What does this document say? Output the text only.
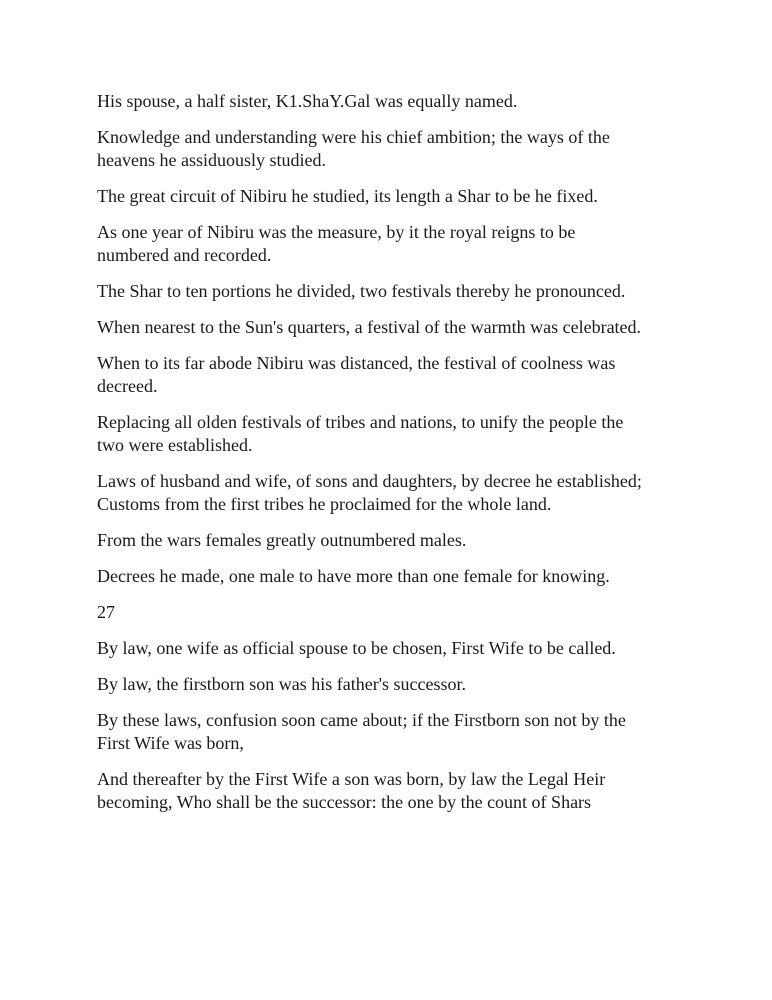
His spouse, a half sister, K1.ShaY.Gal was equally named.

Knowledge and understanding were his chief ambition; the ways of the
heavens he assiduously studied.

The great circuit of Nibiru he studied, its length a Shar to be he fixed.

As one year of Nibiru was the measure, by it the royal reigns to be
numbered and recorded.

The Shar to ten portions he divided, two festivals thereby he pronounced.

When nearest to the Sun's quarters, a festival of the warmth was celebrated.

When to its far abode Nibiru was distanced, the festival of coolness was
decreed.

Replacing all olden festivals of tribes and nations, to unify the people the
two were established.

Laws of husband and wife, of sons and daughters, by decree he established;
Customs from the first tribes he proclaimed for the whole land.

From the wars females greatly outnumbered males.

Decrees he made, one male to have more than one female for knowing.

27

By law, one wife as official spouse to be chosen, First Wife to be called.

By law, the firstborn son was his father's successor.

By these laws, confusion soon came about; if the Firstborn son not by the
First Wife was born,

And thereafter by the First Wife a son was born, by law the Legal Heir
becoming, Who shall be the successor: the one by the count of Shars
